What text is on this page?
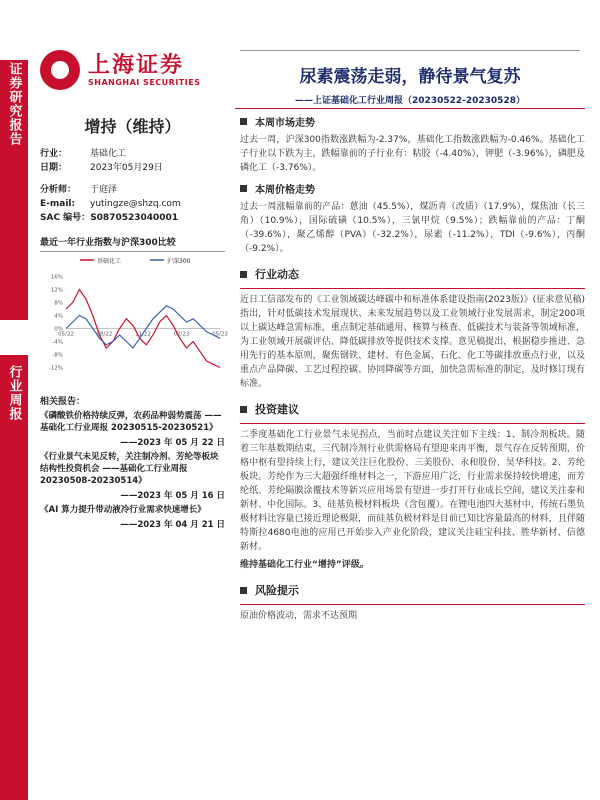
证券研究报告
行业周报
上海证券
SHANGHAI SECURITIES	尿素震荡走弱，静待景气复苏
——上证基础化工行业周报（20230522-20230528）
增持（维持）
行业：	基础化工
日期：	2023年05月29日
分析师： 于庭泽
E-mail: yutingze@shzq.com
SAC 编号：S0870523040001
最近一年行业指数与沪深300比较
基础化工	沪深300
16%
12%
8%
4%
0%
-4%
-8%
-12%
05/22	08/22	11/22	02/23	05/23
相关报告：
《磷酸铁价格持续反弹，农药品种弱势震荡 ——基础化工行业周报 20230515-20230521》
——2023 年 05 月 22 日
《行业景气未见反转，关注制冷剂、芳纶等板块结构性投资机会 ——基础化工行业周报 20230508-20230514》
——2023 年 05 月 16 日
《AI 算力提升带动液冷行业需求快速增长》
——2023 年 04 月 21 日
本周市场走势
过去一周，沪深300指数涨跌幅为-2.37%，基础化工指数涨跌幅为-0.46%。基础化工子行业以下跌为主，跌幅靠前的子行业有：粘胶（-4.40%），钾肥（-3.96%），磷肥及磷化工（-3.76%）。
本周价格走势
过去一周涨幅靠前的产品：蒽油（45.5%），煤沥青（改质）（17.9%），煤焦油（长三角）（10.9%），国际硫磺（10.5%），三氯甲烷（9.5%）；跌幅靠前的产品：丁酮（-39.6%），聚乙烯醇（PVA）（-32.2%），尿素（-11.2%），TDI（-9.6%），丙酮（-9.2%）。
行业动态
近日工信部发布的《工业领域碳达峰碳中和标准体系建设指南(2023版)》(征求意见稿)指出，针对低碳技术发展现状、未来发展趋势以及工业领域行业发展需求，制定200项以上碳达峰急需标准，重点制定基础通用、核算与核查、低碳技术与装备等领域标准，为工业领域开展碳评估、降低碳排放等提供技术支撑。意见稿提出，根据稳步推进、急用先行的基本原则，聚焦钢铁、建材、有色金属、石化、化工等碳排放重点行业，以及重点产品降碳、工艺过程控碳、协同降碳等方面，加快急需标准的制定，及时修订现有标准。
投资建议
二季度基础化工行业景气未见拐点，当前时点建议关注如下主线：1、制冷剂板块。随着三年基数期结束，三代制冷剂行业供需格局有望迎来再平衡，景气存在反转预期，价格中枢有望持续上行，建议关注巨化股份、三美股份、永和股份、昊华科技。2、芳纶板块。芳纶作为三大超强纤维材料之一，下游应用广泛，行业需求保持较快增速，而芳纶纸、芳纶隔膜涂覆技术等新兴应用场景有望进一步打开行业成长空间，建议关注泰和新材、中化国际。3、硅基负极材料板块（含包覆）。在锂电池四大基材中，传统石墨负极材料比容量已接近理论极限，而硅基负极材料是目前已知比容量最高的材料，且伴随特斯拉4680电池的应用已开始步入产业化阶段，建议关注硅宝科技、胜华新材、信德新材。
维持基础化工行业“增持”评级。
风险提示
原油价格波动，需求不达预期
